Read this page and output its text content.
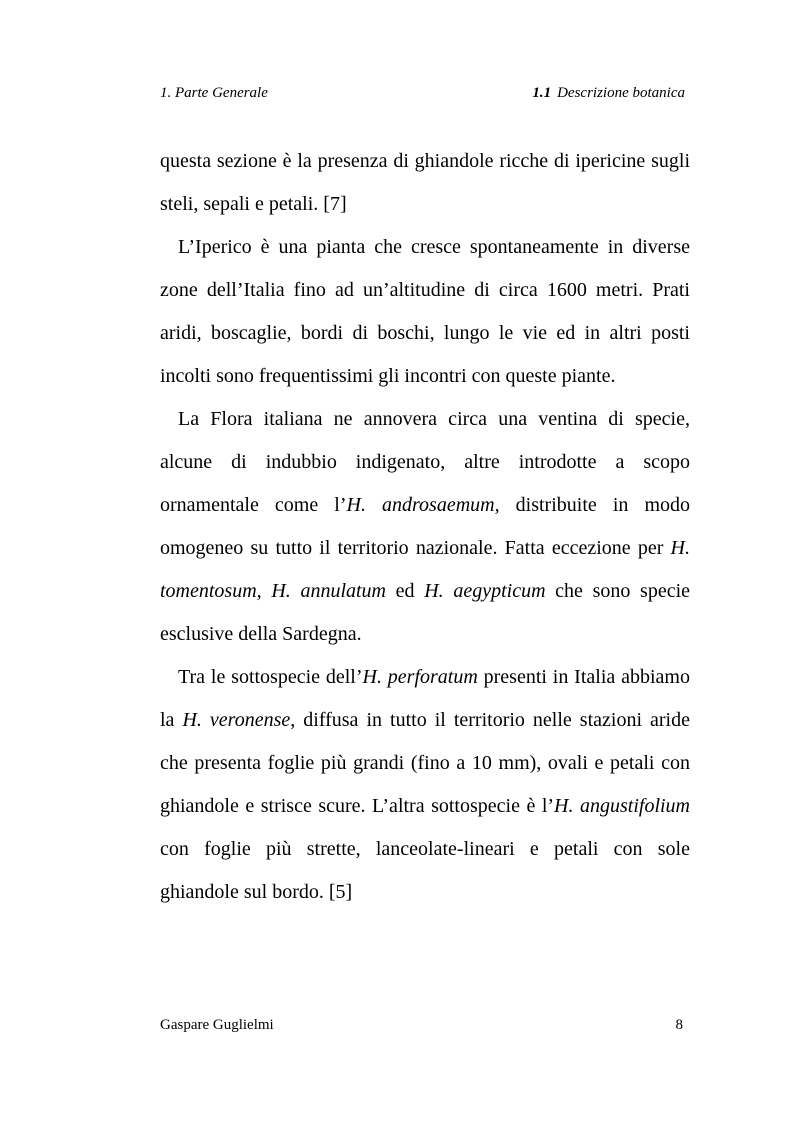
1. Parte Generale	1.1 Descrizione botanica

questa sezione è la presenza di ghiandole ricche di ipericine sugli steli, sepali e petali. [7]

L’Iperico è una pianta che cresce spontaneamente in diverse zone dell’Italia fino ad un’altitudine di circa 1600 metri. Prati aridi, boscaglie, bordi di boschi, lungo le vie ed in altri posti incolti sono frequentissimi gli incontri con queste piante.

La Flora italiana ne annovera circa una ventina di specie, alcune di indubbio indigenato, altre introdotte a scopo ornamentale come l’H. androsaemum, distribuite in modo omogeneo su tutto il territorio nazionale. Fatta eccezione per H. tomentosum, H. annulatum ed H. aegypticum che sono specie esclusive della Sardegna.

Tra le sottospecie dell’H. perforatum presenti in Italia abbiamo la H. veronense, diffusa in tutto il territorio nelle stazioni aride che presenta foglie più grandi (fino a 10 mm), ovali e petali con ghiandole e strisce scure. L’altra sottospecie è l’H. angustifolium con foglie più strette, lanceolate-lineari e petali con sole ghiandole sul bordo. [5]

Gaspare Guglielmi	8
